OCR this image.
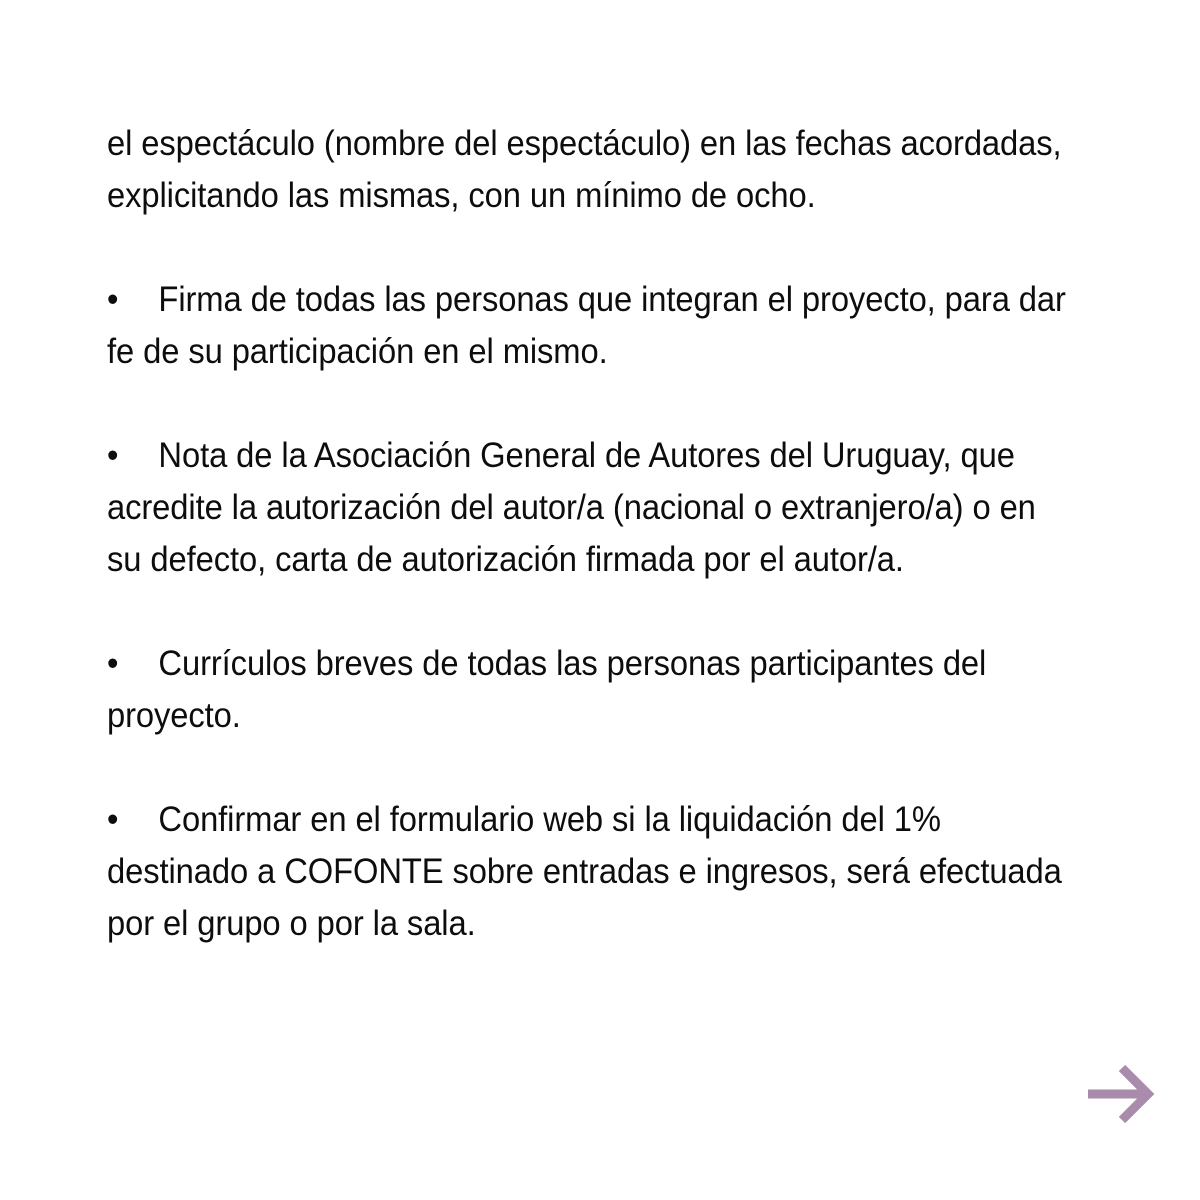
el espectáculo (nombre del espectáculo) en las fechas acordadas,
explicitando las mismas, con un mínimo de ocho.
• Firma de todas las personas que integran el proyecto, para dar
fe de su participación en el mismo.
• Nota de la Asociación General de Autores del Uruguay, que
acredite la autorización del autor/a (nacional o extranjero/a) o en
su defecto, carta de autorización firmada por el autor/a.
• Currículos breves de todas las personas participantes del
proyecto.
• Confirmar en el formulario web si la liquidación del 1%
destinado a COFONTE sobre entradas e ingresos, será efectuada
por el grupo o por la sala.
